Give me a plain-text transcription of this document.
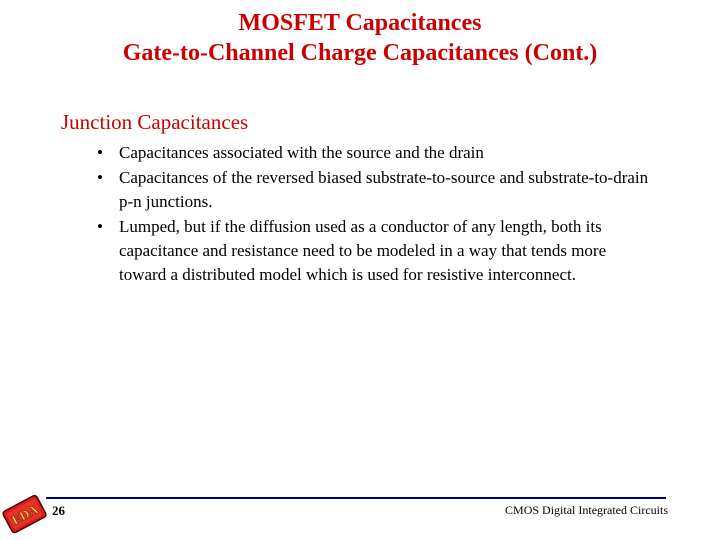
MOSFET Capacitances
Gate-to-Channel Charge Capacitances (Cont.)
Junction Capacitances
• Capacitances associated with the source and the drain
• Capacitances of the reversed biased substrate-to-source and substrate-to-drain p-n junctions.
• Lumped, but if the diffusion used as a conductor of any length, both its capacitance and resistance need to be modeled in a way that tends more toward a distributed model which is used for resistive interconnect.
EDA 26	CMOS Digital Integrated Circuits
